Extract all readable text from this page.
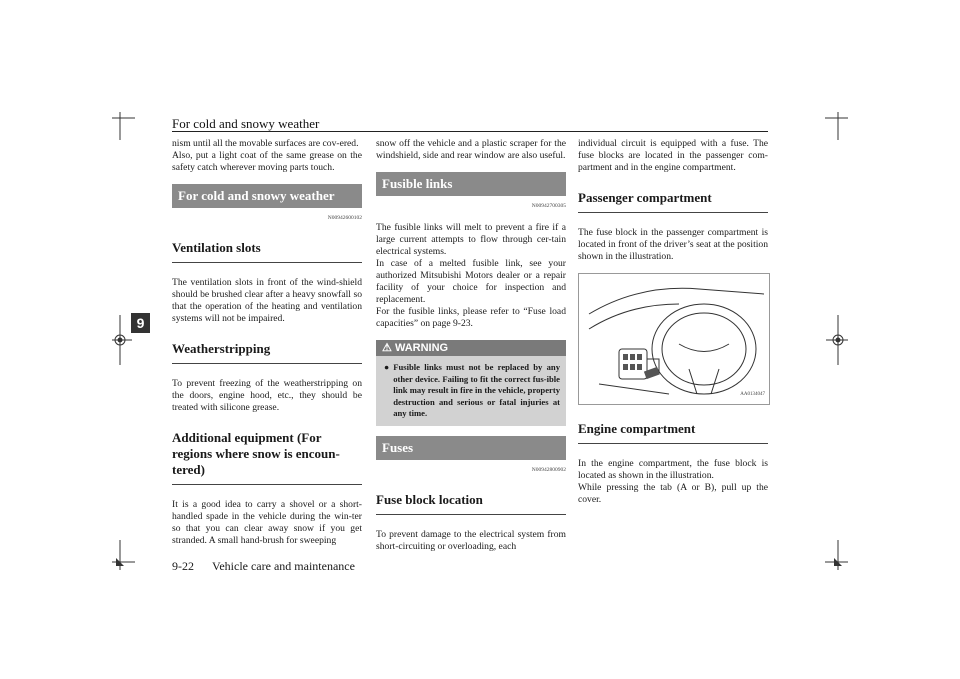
For cold and snowy weather
9

nism until all the movable surfaces are cov-ered.
Also, put a light coat of the same grease on the safety catch wherever moving parts touch.

For cold and snowy weather
N00942600102
Ventilation slots

The ventilation slots in front of the wind-shield should be brushed clear after a heavy snowfall so that the operation of the heating and ventilation systems will not be impaired.

Weatherstripping

To prevent freezing of the weatherstripping on the doors, engine hood, etc., they should be treated with silicone grease.

Additional equipment (For regions where snow is encoun-tered)

It is a good idea to carry a shovel or a short-handled spade in the vehicle during the win-ter so that you can clear away snow if you get stranded. A small hand-brush for sweeping

snow off the vehicle and a plastic scraper for the windshield, side and rear window are also useful.

Fusible links
N00942700305

The fusible links will melt to prevent a fire if a large current attempts to flow through cer-tain electrical systems.
In case of a melted fusible link, see your authorized Mitsubishi Motors dealer or a repair facility of your choice for inspection and replacement.
For the fusible links, please refer to “Fuse load capacities” on page 9-23.

⚠ WARNING
● Fusible links must not be replaced by any other device. Failing to fit the correct fus-ible link may result in fire in the vehicle, property destruction and serious or fatal injuries at any time.
Fuses
N00942800902
Fuse block location

To prevent damage to the electrical system from short-circuiting or overloading, each

individual circuit is equipped with a fuse. The fuse blocks are located in the passenger com-partment and in the engine compartment.

Passenger compartment

The fuse block in the passenger compartment is located in front of the driver’s seat at the position shown in the illustration.

AA0134047
Engine compartment

In the engine compartment, the fuse block is located as shown in the illustration.
While pressing the tab (A or B), pull up the cover.

9-22 Vehicle care and maintenance
